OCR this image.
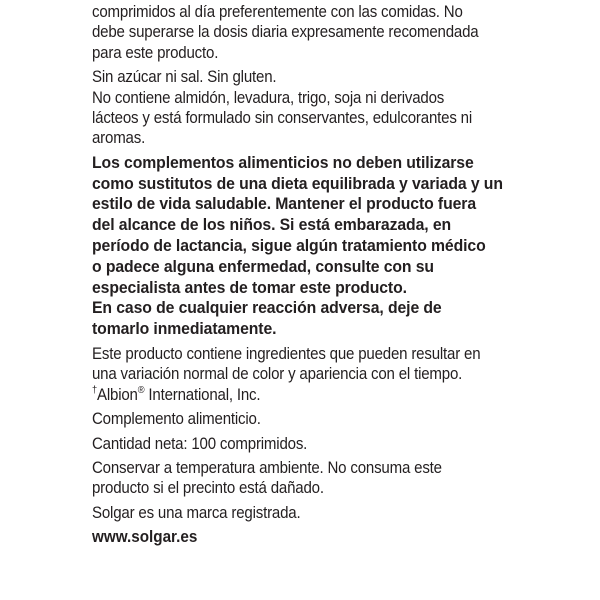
comprimidos al día preferentemente con las comidas. No
debe superarse la dosis diaria expresamente recomendada
para este producto.

Sin azúcar ni sal. Sin gluten.

No contiene almidón, levadura, trigo, soja ni derivados
lácteos y está formulado sin conservantes, edulcorantes ni
aromas.

Los complementos alimenticios no deben utilizarse
como sustitutos de una dieta equilibrada y variada y un
estilo de vida saludable. Mantener el producto fuera
del alcance de los niños. Si está embarazada, en
período de lactancia, sigue algún tratamiento médico
o padece alguna enfermedad, consulte con su
especialista antes de tomar este producto.
En caso de cualquier reacción adversa, deje de
tomarlo inmediatamente.

Este producto contiene ingredientes que pueden resultar en
una variación normal de color y apariencia con el tiempo.

†Albion® International, Inc.

Complemento alimenticio.

Cantidad neta: 100 comprimidos.

Conservar a temperatura ambiente. No consuma este
producto si el precinto está dañado.

Solgar es una marca registrada.

www.solgar.es
